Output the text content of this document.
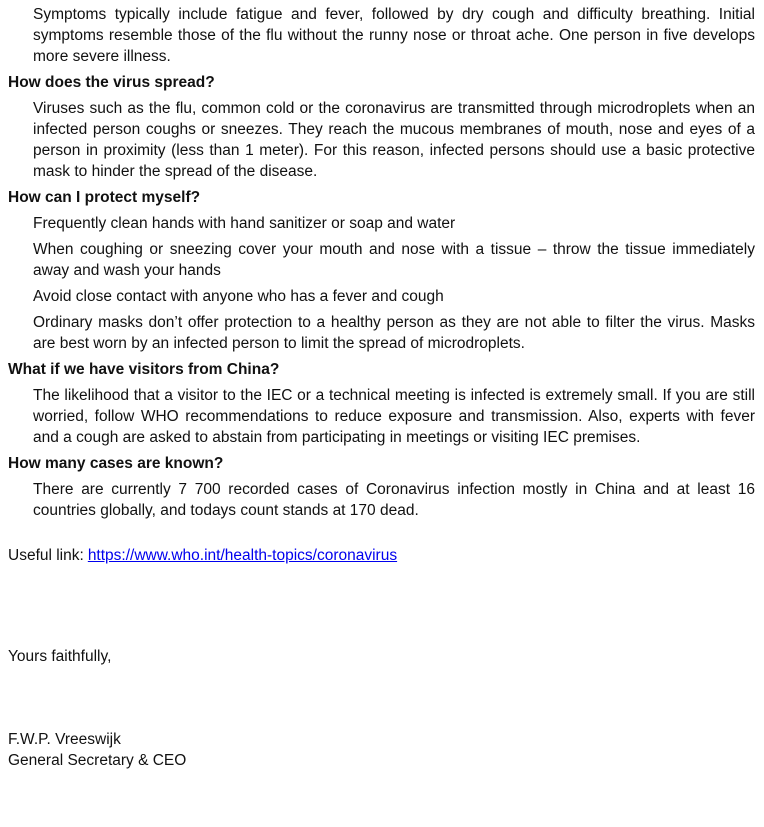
Symptoms typically include fatigue and fever, followed by dry cough and difficulty breathing. Initial symptoms resemble those of the flu without the runny nose or throat ache. One person in five develops more severe illness.

How does the virus spread?

Viruses such as the flu, common cold or the coronavirus are transmitted through microdroplets when an infected person coughs or sneezes. They reach the mucous membranes of mouth, nose and eyes of a person in proximity (less than 1 meter). For this reason, infected persons should use a basic protective mask to hinder the spread of the disease.

How can I protect myself?

Frequently clean hands with hand sanitizer or soap and water

When coughing or sneezing cover your mouth and nose with a tissue – throw the tissue immediately away and wash your hands

Avoid close contact with anyone who has a fever and cough

Ordinary masks don’t offer protection to a healthy person as they are not able to filter the virus. Masks are best worn by an infected person to limit the spread of microdroplets.

What if we have visitors from China?

The likelihood that a visitor to the IEC or a technical meeting is infected is extremely small. If you are still worried, follow WHO recommendations to reduce exposure and transmission. Also, experts with fever and a cough are asked to abstain from participating in meetings or visiting IEC premises.

How many cases are known?

There are currently 7 700 recorded cases of Coronavirus infection mostly in China and at least 16 countries globally, and todays count stands at 170 dead.

Useful link: https://www.who.int/health-topics/coronavirus

Yours faithfully,

F.W.P. Vreeswijk

General Secretary & CEO
